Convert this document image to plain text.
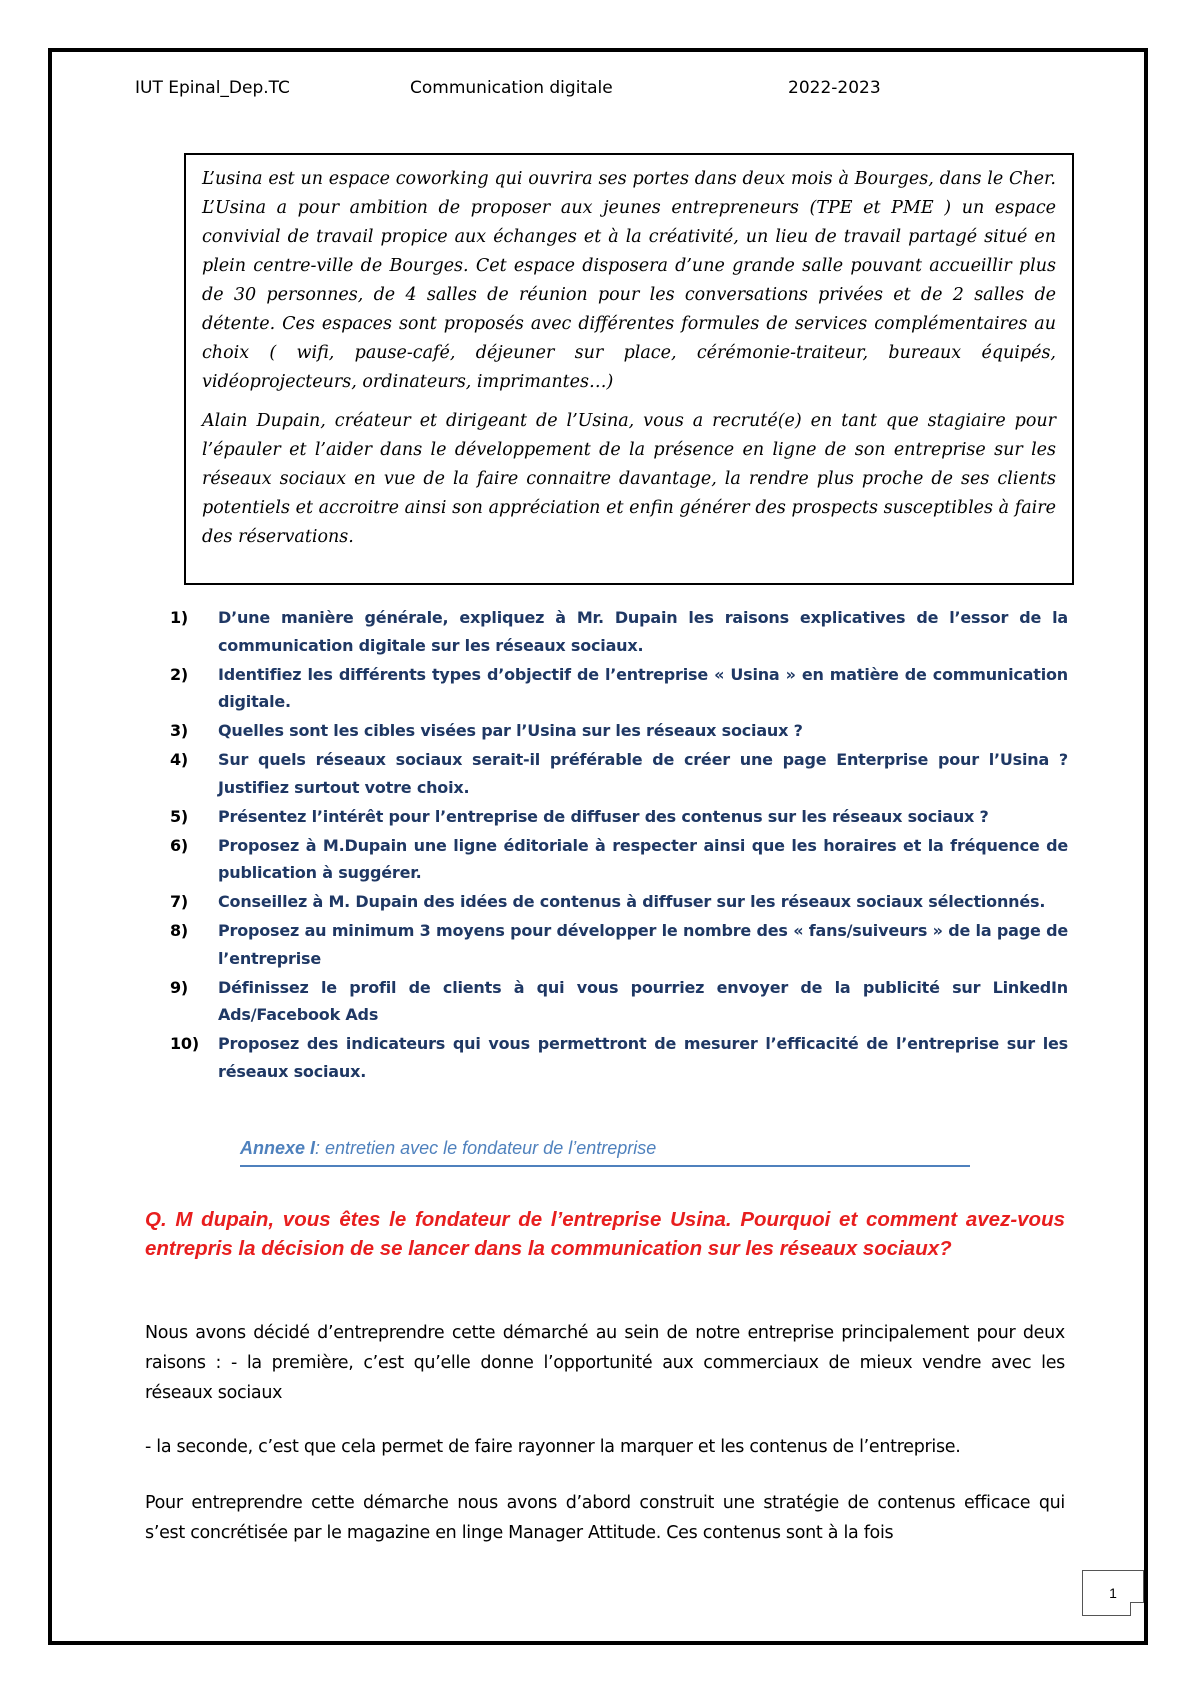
IUT Epinal_Dep.TC	Communication digitale	2022-2023

L’usina est un espace coworking qui ouvrira ses portes dans deux mois à Bourges, dans le Cher. L’Usina a pour ambition de proposer aux jeunes entrepreneurs (TPE et PME ) un espace convivial de travail propice aux échanges et à la créativité, un lieu de travail partagé situé en plein centre-ville de Bourges. Cet espace disposera d’une grande salle pouvant accueillir plus de 30 personnes, de 4 salles de réunion pour les conversations privées et de 2 salles de détente. Ces espaces sont proposés avec différentes formules de services complémentaires au choix ( wifi, pause-café, déjeuner sur place, cérémonie-traiteur, bureaux équipés, vidéoprojecteurs, ordinateurs, imprimantes…)

Alain Dupain, créateur et dirigeant de l’Usina, vous a recruté(e) en tant que stagiaire pour l’épauler et l’aider dans le développement de la présence en ligne de son entreprise sur les réseaux sociaux en vue de la faire connaitre davantage, la rendre plus proche de ses clients potentiels et accroitre ainsi son appréciation et enfin générer des prospects susceptibles à faire des réservations.

1) D’une manière générale, expliquez à Mr. Dupain les raisons explicatives de l’essor de la communication digitale sur les réseaux sociaux.
2) Identifiez les différents types d’objectif de l’entreprise « Usina » en matière de communication digitale.
3) Quelles sont les cibles visées par l’Usina sur les réseaux sociaux ?
4) Sur quels réseaux sociaux serait-il préférable de créer une page Enterprise pour l’Usina ? Justifiez surtout votre choix.
5) Présentez l’intérêt pour l’entreprise de diffuser des contenus sur les réseaux sociaux ?
6) Proposez à M.Dupain une ligne éditoriale à respecter ainsi que les horaires et la fréquence de publication à suggérer.
7) Conseillez à M. Dupain des idées de contenus à diffuser sur les réseaux sociaux sélectionnés.
8) Proposez au minimum 3 moyens pour développer le nombre des « fans/suiveurs » de la page de l’entreprise
9) Définissez le profil de clients à qui vous pourriez envoyer de la publicité sur LinkedIn Ads/Facebook Ads
10) Proposez des indicateurs qui vous permettront de mesurer l’efficacité de l’entreprise sur les réseaux sociaux.
Annexe I: entretien avec le fondateur de l’entreprise

Q. M dupain, vous êtes le fondateur de l’entreprise Usina. Pourquoi et comment avez-vous entrepris la décision de se lancer dans la communication sur les réseaux sociaux?

Nous avons décidé d’entreprendre cette démarché au sein de notre entreprise principalement pour deux raisons : - la première, c’est qu’elle donne l’opportunité aux commerciaux de mieux vendre avec les réseaux sociaux

- la seconde, c’est que cela permet de faire rayonner la marquer et les contenus de l’entreprise.

Pour entreprendre cette démarche nous avons d’abord construit une stratégie de contenus efficace qui s’est concrétisée par le magazine en linge Manager Attitude. Ces contenus sont à la fois

1
